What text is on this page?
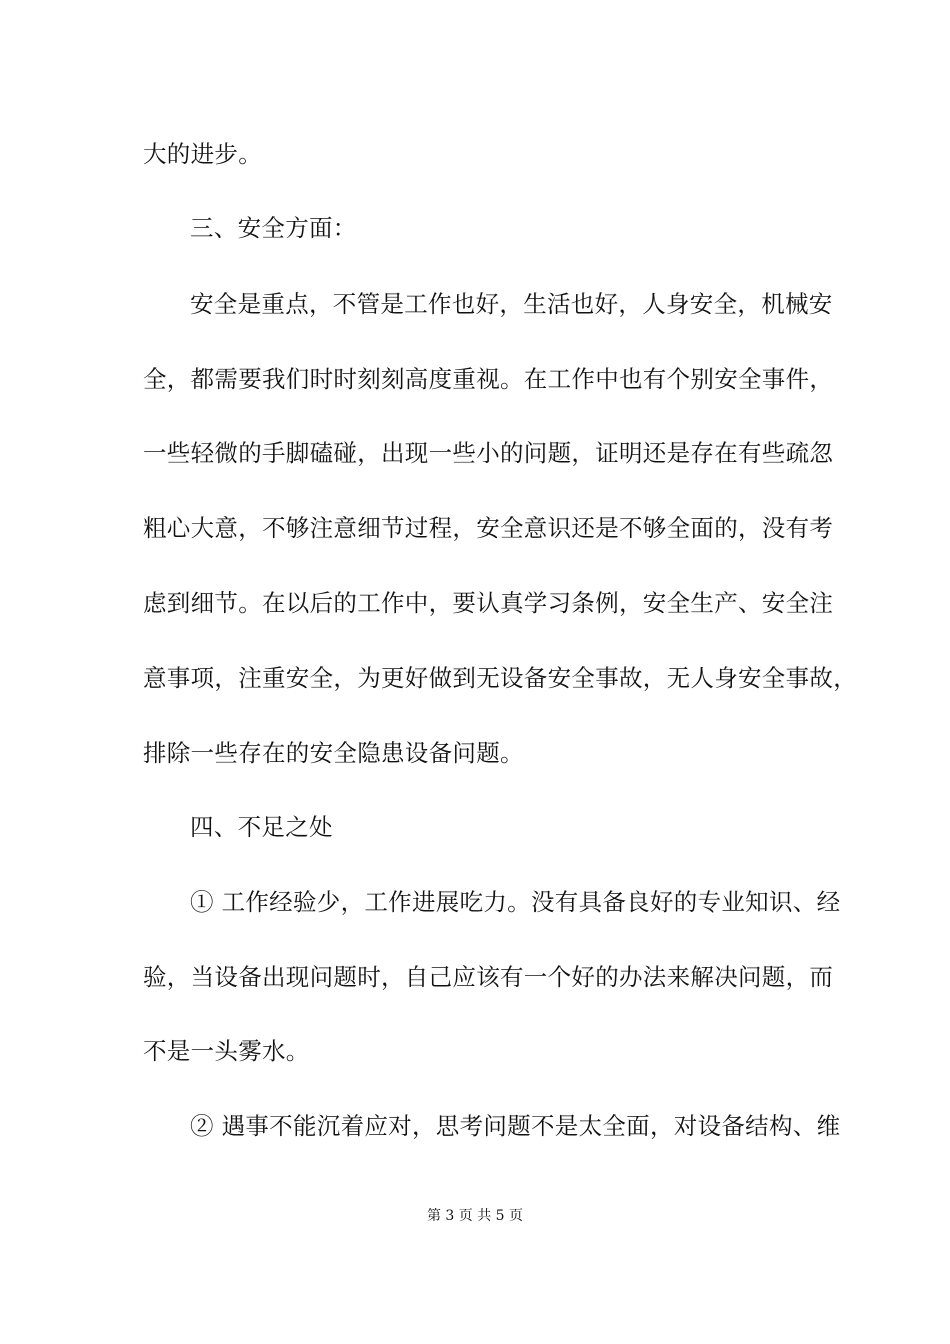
大的进步。
三、安全方面：
安全是重点，不管是工作也好，生活也好，人身安全，机械安
全，都需要我们时时刻刻高度重视。在工作中也有个别安全事件，
一些轻微的手脚磕碰，出现一些小的问题，证明还是存在有些疏忽
粗心大意，不够注意细节过程，安全意识还是不够全面的，没有考
虑到细节。在以后的工作中，要认真学习条例，安全生产、安全注
意事项，注重安全，为更好做到无设备安全事故，无人身安全事故，
排除一些存在的安全隐患设备问题。
四、不足之处
① 工作经验少，工作进展吃力。没有具备良好的专业知识、经
验，当设备出现问题时，自己应该有一个好的办法来解决问题，而
不是一头雾水。
② 遇事不能沉着应对，思考问题不是太全面，对设备结构、维
第 3 页 共 5 页
